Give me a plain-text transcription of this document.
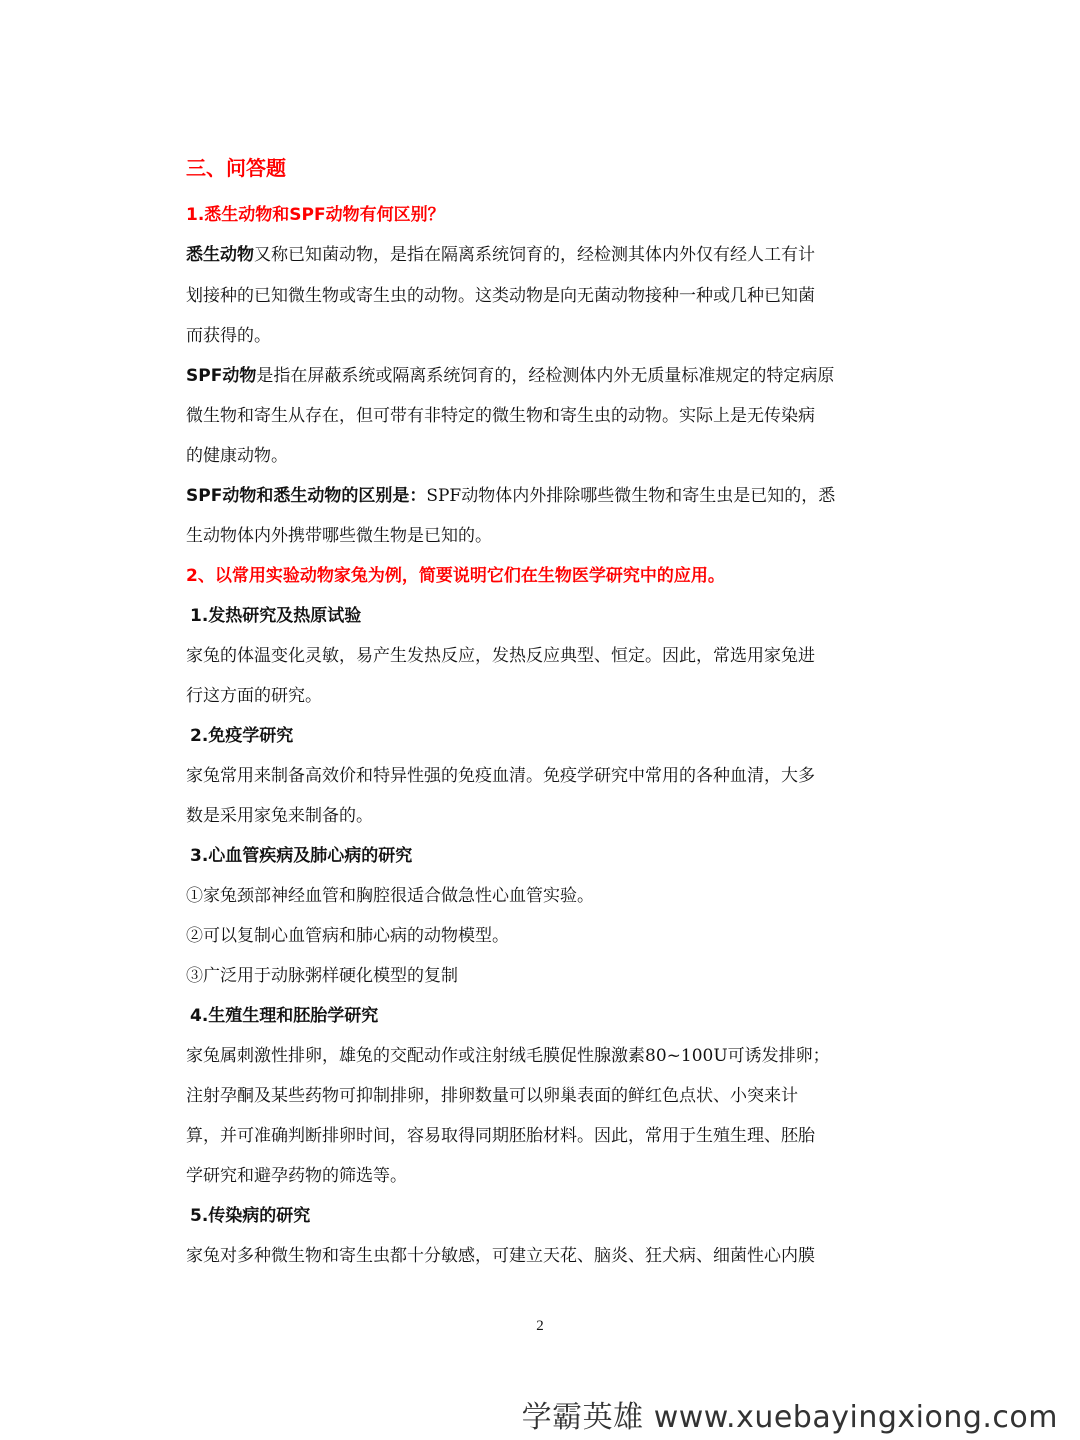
三、问答题
1.悉生动物和SPF动物有何区别？
悉生动物又称已知菌动物，是指在隔离系统饲育的，经检测其体内外仅有经人工有计
划接种的已知微生物或寄生虫的动物。这类动物是向无菌动物接种一种或几种已知菌
而获得的。
SPF动物是指在屏蔽系统或隔离系统饲育的，经检测体内外无质量标准规定的特定病原
微生物和寄生从存在，但可带有非特定的微生物和寄生虫的动物。实际上是无传染病
的健康动物。
SPF动物和悉生动物的区别是：SPF动物体内外排除哪些微生物和寄生虫是已知的，悉
生动物体内外携带哪些微生物是已知的。
2、以常用实验动物家兔为例，简要说明它们在生物医学研究中的应用。
1.发热研究及热原试验
家兔的体温变化灵敏，易产生发热反应，发热反应典型、恒定。因此，常选用家兔进
行这方面的研究。
2.免疫学研究
家兔常用来制备高效价和特异性强的免疫血清。免疫学研究中常用的各种血清，大多
数是采用家兔来制备的。
3.心血管疾病及肺心病的研究
①家兔颈部神经血管和胸腔很适合做急性心血管实验。
②可以复制心血管病和肺心病的动物模型。
③广泛用于动脉粥样硬化模型的复制
4.生殖生理和胚胎学研究
家兔属刺激性排卵，雄兔的交配动作或注射绒毛膜促性腺激素80~100U可诱发排卵；
注射孕酮及某些药物可抑制排卵，排卵数量可以卵巢表面的鲜红色点状、小突来计
算，并可准确判断排卵时间，容易取得同期胚胎材料。因此，常用于生殖生理、胚胎
学研究和避孕药物的筛选等。
5.传染病的研究
家兔对多种微生物和寄生虫都十分敏感，可建立天花、脑炎、狂犬病、细菌性心内膜
2
学霸英雄 www.xuebayingxiong.com
